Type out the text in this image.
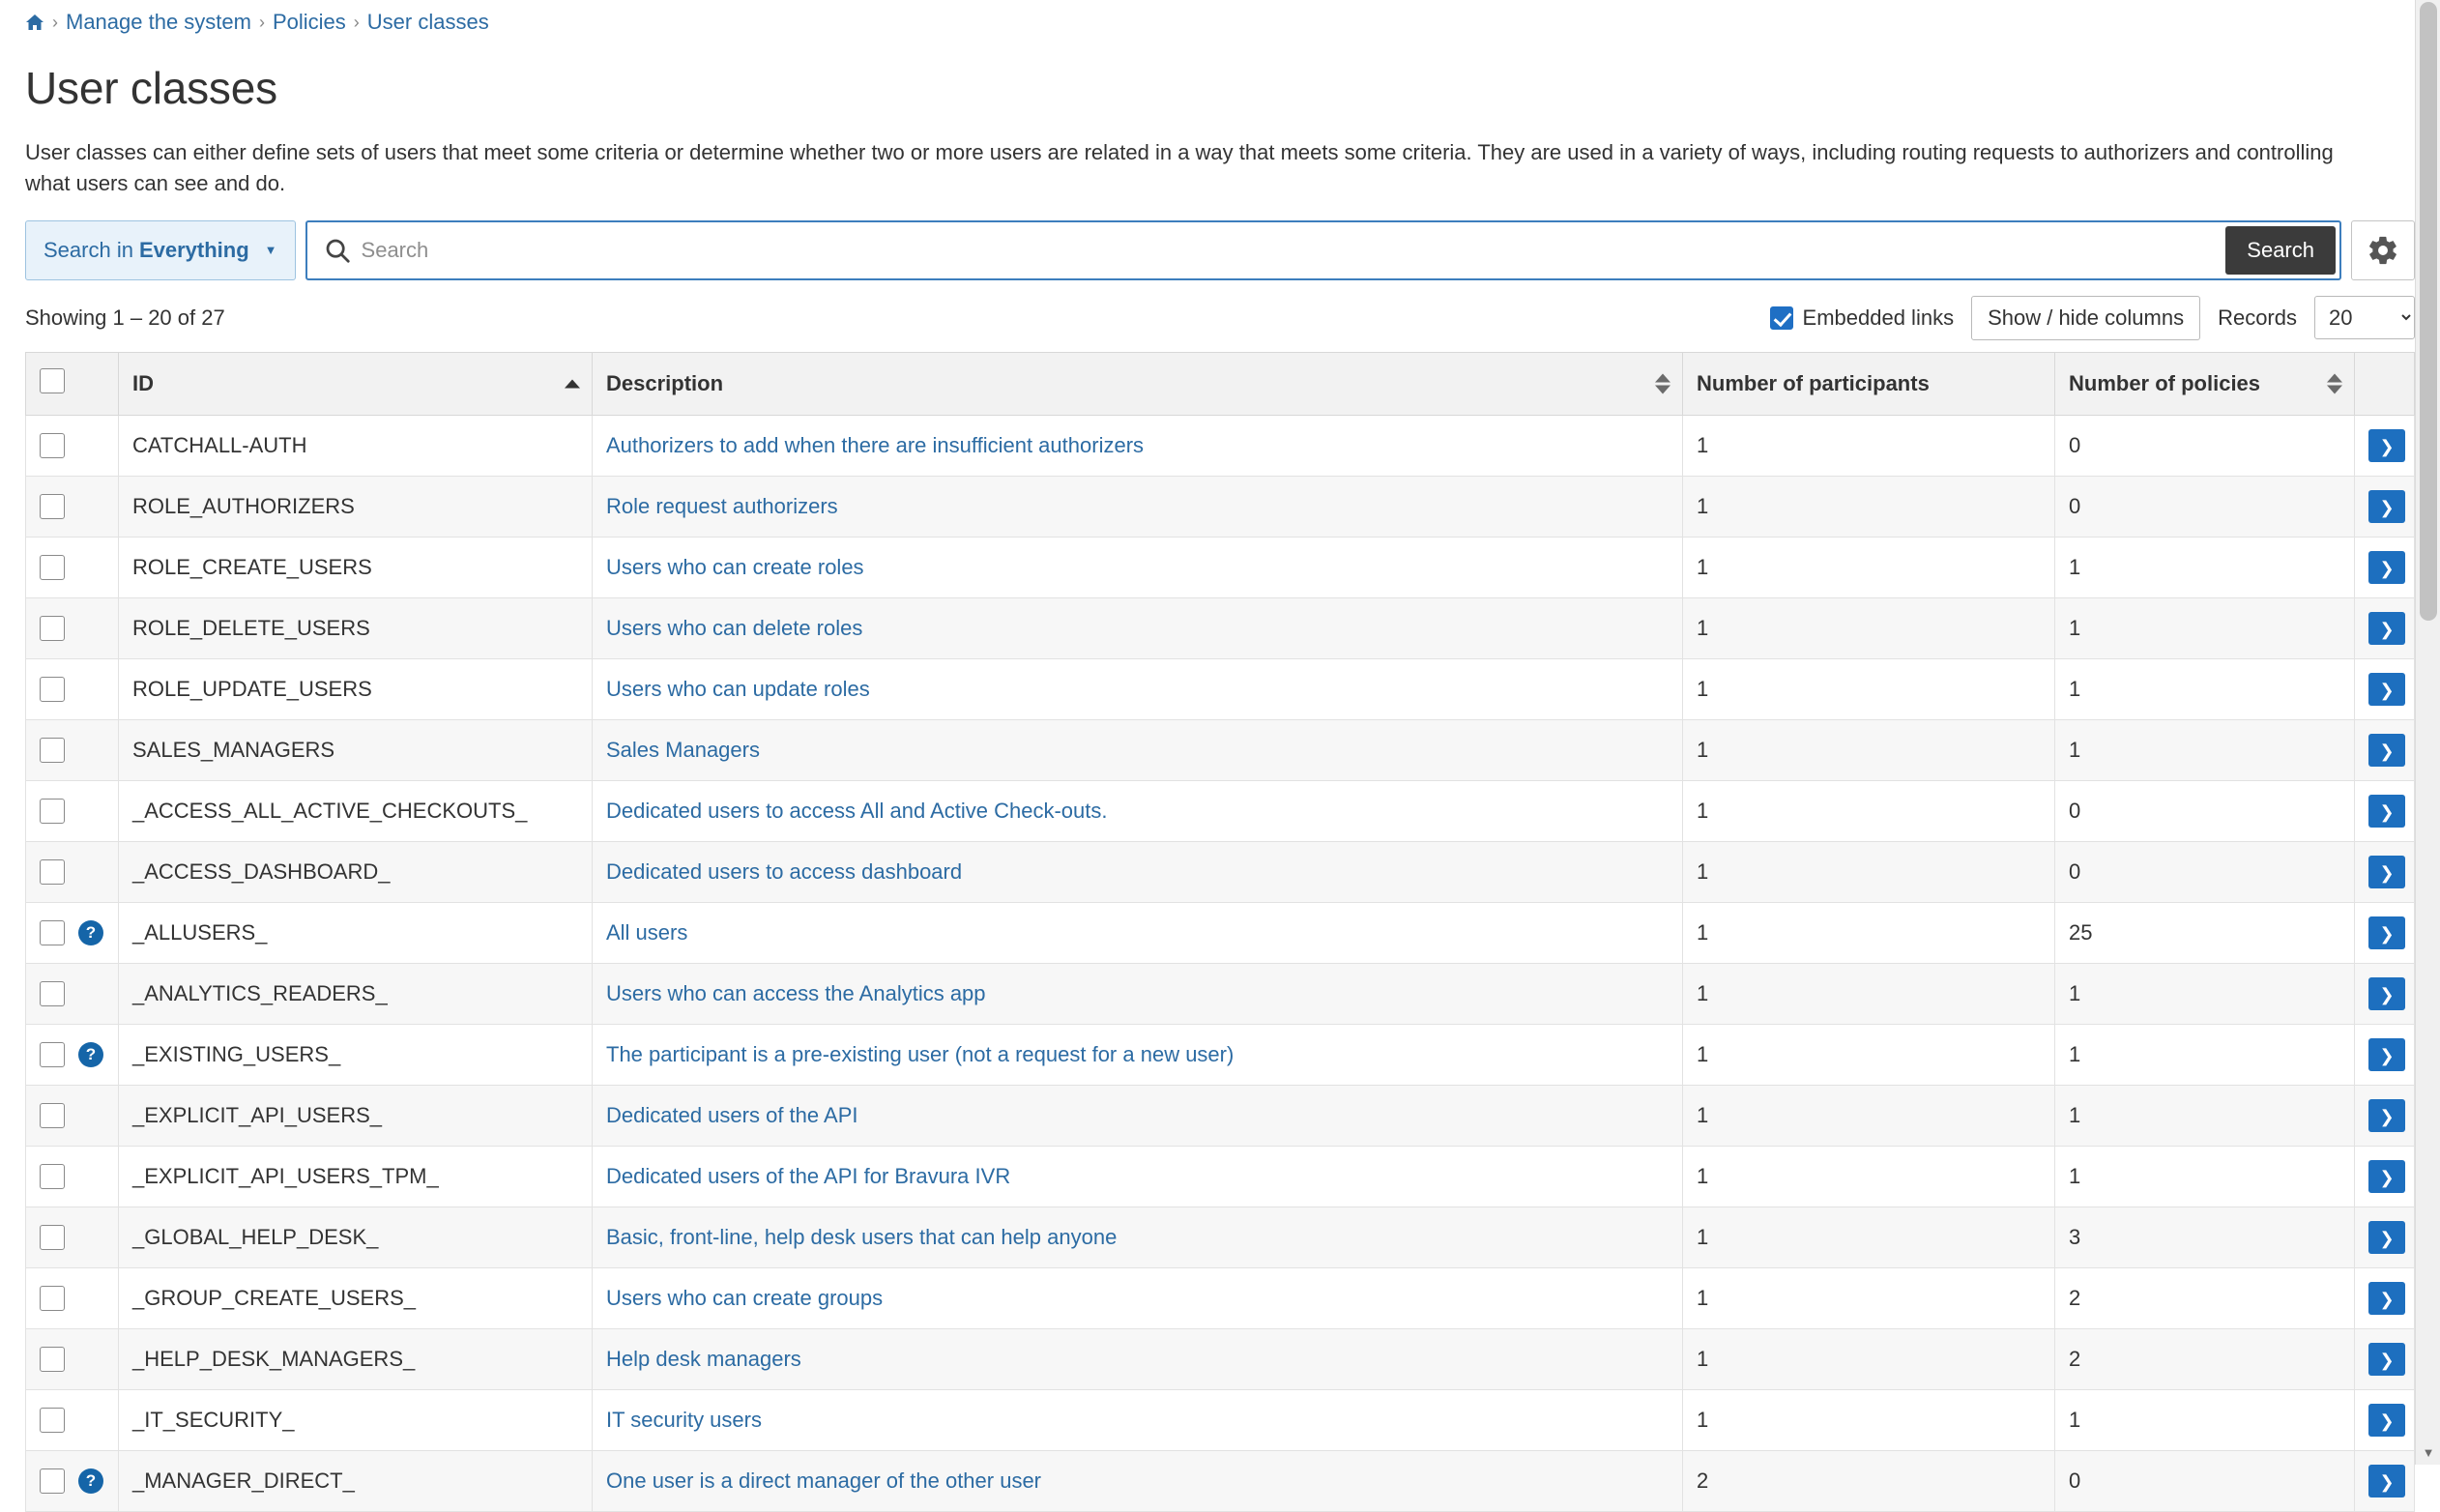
› Manage the system › Policies › User classes
User classes

User classes can either define sets of users that meet some criteria or determine whether two or more users are related in a way that meets some criteria. They are used in a variety of ways, including routing requests to authorizers and controlling what users can see and do.

Search in Everything ▼
Search	Search
Showing 1 – 20 of 27	Embedded links	Show / hide columns	Records
20
	ID	Description	Number of participants	Number of policies

	CATCHALL-AUTH	Authorizers to add when there are insufficient authorizers	1	0	❯

	ROLE_AUTHORIZERS	Role request authorizers	1	0	❯

	ROLE_CREATE_USERS	Users who can create roles	1	1	❯

	ROLE_DELETE_USERS	Users who can delete roles	1	1	❯

	ROLE_UPDATE_USERS	Users who can update roles	1	1	❯

	SALES_MANAGERS	Sales Managers	1	1	❯

	_ACCESS_ALL_ACTIVE_CHECKOUTS_	Dedicated users to access All and Active Check-outs.	1	0	❯

	_ACCESS_DASHBOARD_	Dedicated users to access dashboard	1	0	❯

?	_ALLUSERS_	All users	1	25	❯

	_ANALYTICS_READERS_	Users who can access the Analytics app	1	1	❯

?	_EXISTING_USERS_	The participant is a pre-existing user (not a request for a new user)	1	1	❯

	_EXPLICIT_API_USERS_	Dedicated users of the API	1	1	❯

	_EXPLICIT_API_USERS_TPM_	Dedicated users of the API for Bravura IVR	1	1	❯

	_GLOBAL_HELP_DESK_	Basic, front-line, help desk users that can help anyone	1	3	❯

	_GROUP_CREATE_USERS_	Users who can create groups	1	2	❯

	_HELP_DESK_MANAGERS_	Help desk managers	1	2	❯

	_IT_SECURITY_	IT security users	1	1	❯

?	_MANAGER_DIRECT_	One user is a direct manager of the other user	2	0	❯
▼
